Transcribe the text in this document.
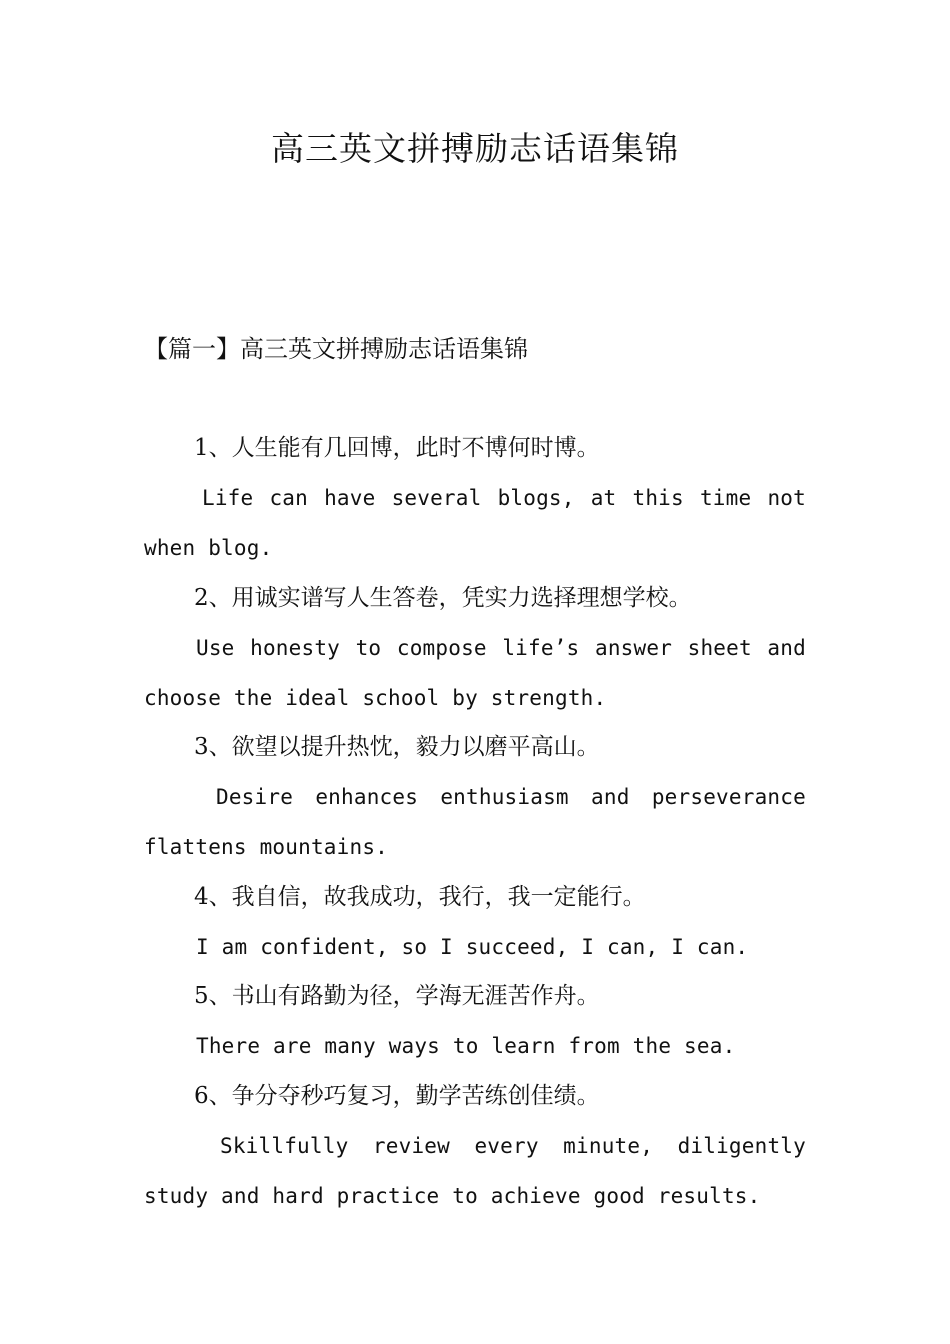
高三英文拼搏励志话语集锦

【篇一】高三英文拼搏励志话语集锦

1、人生能有几回博，此时不博何时博。

Life can have several blogs, at this time not

when blog.

2、用诚实谱写人生答卷，凭实力选择理想学校。

Use honesty to compose life’s answer sheet and

choose the ideal school by strength.

3、欲望以提升热忱，毅力以磨平高山。

Desire enhances enthusiasm and perseverance

flattens mountains.

4、我自信，故我成功，我行，我一定能行。

I am confident, so I succeed, I can, I can.

5、书山有路勤为径，学海无涯苦作舟。

There are many ways to learn from the sea.

6、争分夺秒巧复习，勤学苦练创佳绩。

Skillfully review every minute, diligently

study and hard practice to achieve good results.
